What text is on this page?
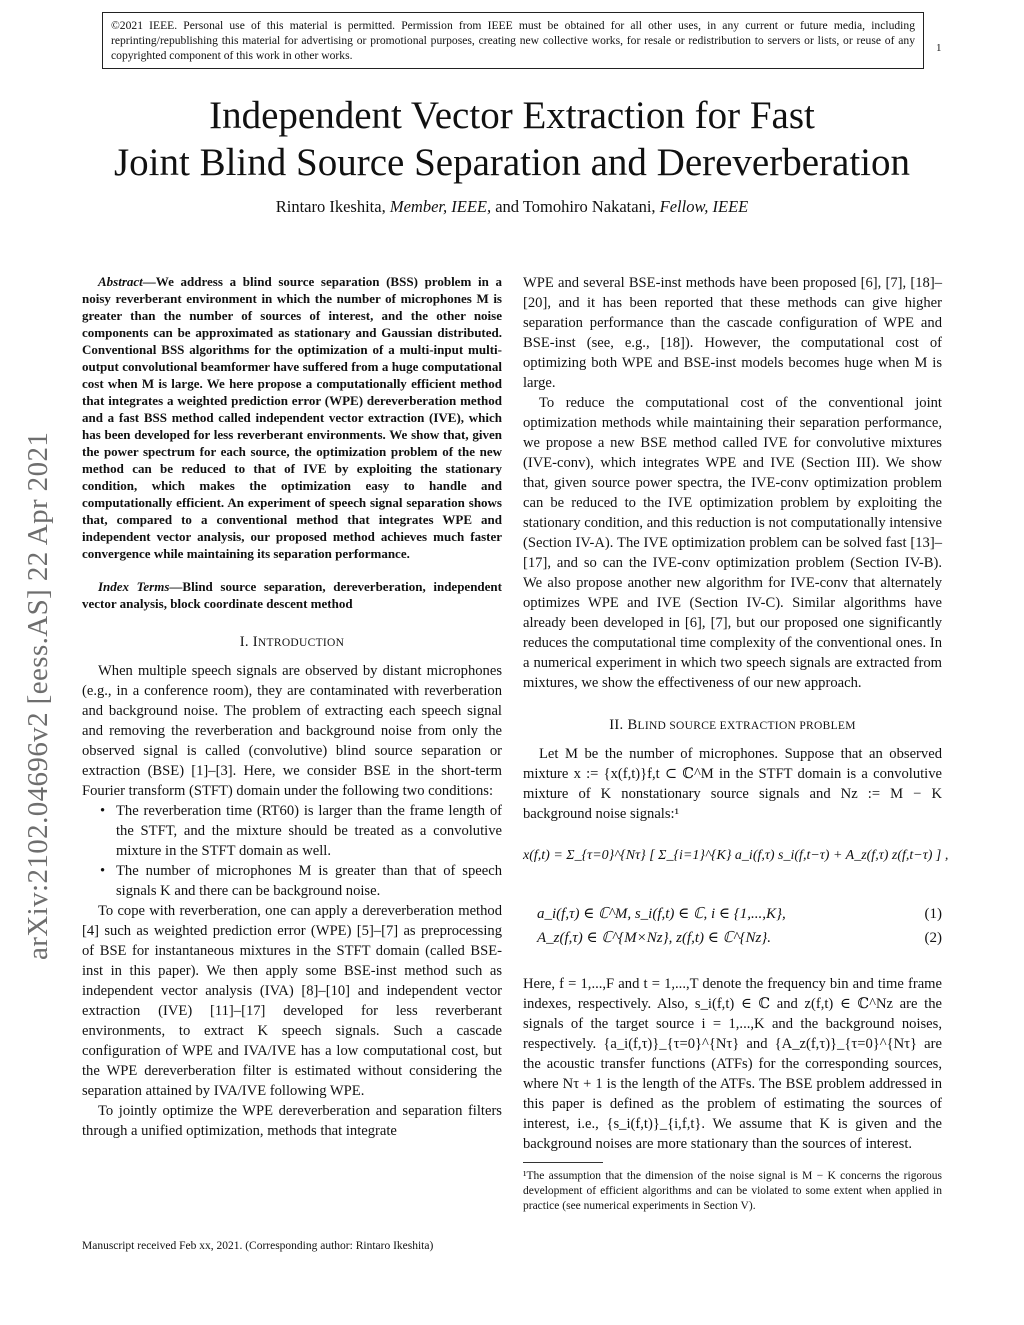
©2021 IEEE. Personal use of this material is permitted. Permission from IEEE must be obtained for all other uses, in any current or future media, including reprinting/republishing this material for advertising or promotional purposes, creating new collective works, for resale or redistribution to servers or lists, or reuse of any copyrighted component of this work in other works.
1
arXiv:2102.04696v2 [eess.AS] 22 Apr 2021
Independent Vector Extraction for Fast
Joint Blind Source Separation and Dereverberation
Rintaro Ikeshita, Member, IEEE, and Tomohiro Nakatani, Fellow, IEEE
Abstract—We address a blind source separation (BSS) problem in a noisy reverberant environment in which the number of microphones M is greater than the number of sources of interest, and the other noise components can be approximated as stationary and Gaussian distributed. Conventional BSS algorithms for the optimization of a multi-input multi-output convolutional beamformer have suffered from a huge computational cost when M is large. We here propose a computationally efficient method that integrates a weighted prediction error (WPE) dereverberation method and a fast BSS method called independent vector extraction (IVE), which has been developed for less reverberant environments. We show that, given the power spectrum for each source, the optimization problem of the new method can be reduced to that of IVE by exploiting the stationary condition, which makes the optimization easy to handle and computationally efficient. An experiment of speech signal separation shows that, compared to a conventional method that integrates WPE and independent vector analysis, our proposed method achieves much faster convergence while maintaining its separation performance.
Index Terms—Blind source separation, dereverberation, independent vector analysis, block coordinate descent method
I. INTRODUCTION

When multiple speech signals are observed by distant microphones (e.g., in a conference room), they are contaminated with reverberation and background noise. The problem of extracting each speech signal and removing the reverberation and background noise from only the observed signal is called (convolutive) blind source separation or extraction (BSE) [1]–[3]. Here, we consider BSE in the short-term Fourier transform (STFT) domain under the following two conditions:

• The reverberation time (RT60) is larger than the frame length of the STFT, and the mixture should be treated as a convolutive mixture in the STFT domain as well.
• The number of microphones M is greater than that of speech signals K and there can be background noise.

To cope with reverberation, one can apply a dereverberation method [4] such as weighted prediction error (WPE) [5]–[7] as preprocessing of BSE for instantaneous mixtures in the STFT domain (called BSE-inst in this paper). We then apply some BSE-inst method such as independent vector analysis (IVA) [8]–[10] and independent vector extraction (IVE) [11]–[17] developed for less reverberant environments, to extract K speech signals. Such a cascade configuration of WPE and IVA/IVE has a low computational cost, but the WPE dereverberation filter is estimated without considering the separation attained by IVA/IVE following WPE.

To jointly optimize the WPE dereverberation and separation filters through a unified optimization, methods that integrate

WPE and several BSE-inst methods have been proposed [6], [7], [18]–[20], and it has been reported that these methods can give higher separation performance than the cascade configuration of WPE and BSE-inst (see, e.g., [18]). However, the computational cost of optimizing both WPE and BSE-inst models becomes huge when M is large.

To reduce the computational cost of the conventional joint optimization methods while maintaining their separation performance, we propose a new BSE method called IVE for convolutive mixtures (IVE-conv), which integrates WPE and IVE (Section III). We show that, given source power spectra, the IVE-conv optimization problem can be reduced to the IVE optimization problem by exploiting the stationary condition, and this reduction is not computationally intensive (Section IV-A). The IVE optimization problem can be solved fast [13]–[17], and so can the IVE-conv optimization problem (Section IV-B). We also propose another new algorithm for IVE-conv that alternately optimizes WPE and IVE (Section IV-C). Similar algorithms have already been developed in [6], [7], but our proposed one significantly reduces the computational time complexity of the conventional ones. In a numerical experiment in which two speech signals are extracted from mixtures, we show the effectiveness of our new approach.

II. BLIND SOURCE EXTRACTION PROBLEM

Let M be the number of microphones. Suppose that an observed mixture x := {x(f,t)}f,t ⊂ ℂ^M in the STFT domain is a convolutive mixture of K nonstationary source signals and Nz := M − K background noise signals:¹

x(f,t) = Σ_{τ=0}^{Nτ} [ Σ_{i=1}^{K} a_i(f,τ) s_i(f,t−τ) + A_z(f,τ) z(f,t−τ) ] ,
a_i(f,τ) ∈ ℂ^M, s_i(f,t) ∈ ℂ, i ∈ {1,...,K},	(1)
A_z(f,τ) ∈ ℂ^{M×Nz}, z(f,t) ∈ ℂ^{Nz}.	(2)

Here, f = 1,...,F and t = 1,...,T denote the frequency bin and time frame indexes, respectively. Also, s_i(f,t) ∈ ℂ and z(f,t) ∈ ℂ^Nz are the signals of the target source i = 1,...,K and the background noises, respectively. {a_i(f,τ)}_{τ=0}^{Nτ} and {A_z(f,τ)}_{τ=0}^{Nτ} are the acoustic transfer functions (ATFs) for the corresponding sources, where Nτ + 1 is the length of the ATFs. The BSE problem addressed in this paper is defined as the problem of estimating the sources of interest, i.e., {s_i(f,t)}_{i,f,t}. We assume that K is given and the background noises are more stationary than the sources of interest.

¹The assumption that the dimension of the noise signal is M − K concerns the rigorous development of efficient algorithms and can be violated to some extent when applied in practice (see numerical experiments in Section V).
Manuscript received Feb xx, 2021. (Corresponding author: Rintaro Ikeshita)
